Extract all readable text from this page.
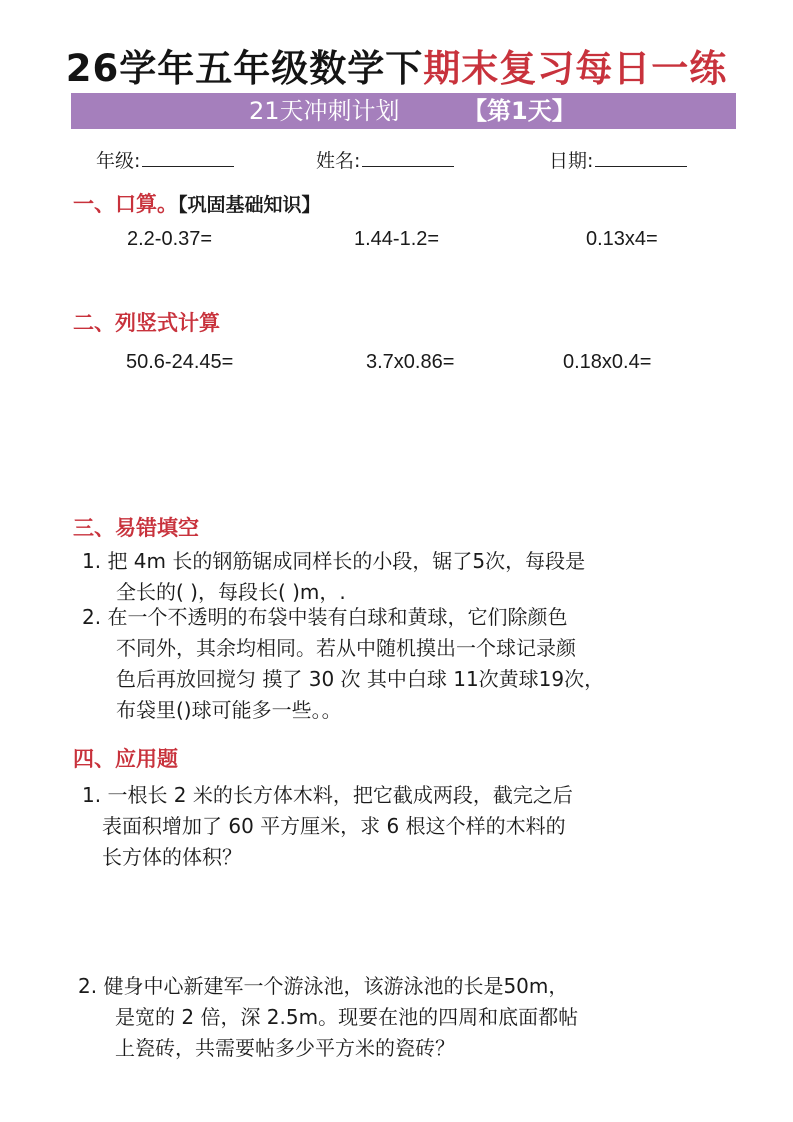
26学年五年级数学下期末复习每日一练
21天冲刺计划	【第1天】
年级:	姓名:	日期:
一、口算。【巩固基础知识】
2.2-0.37=	1.44-1.2=	0.13x4=
二、列竖式计算
50.6-24.45=	3.7x0.86=	0.18x0.4=
三、易错填空
1. 把 4m 长的钢筋锯成同样长的小段，锯了5次，每段是
全长的( )，每段长( )m，.
2. 在一个不透明的布袋中装有白球和黄球，它们除颜色
不同外，其余均相同。若从中随机摸出一个球记录颜
色后再放回搅匀 摸了 30 次 其中白球 11次黄球19次，
布袋里()球可能多一些。。
四、应用题
1. 一根长 2 米的长方体木料，把它截成两段，截完之后
表面积增加了 60 平方厘米，求 6 根这个样的木料的
长方体的体积？
2. 健身中心新建军一个游泳池，该游泳池的长是50m，
是宽的 2 倍，深 2.5m。现要在池的四周和底面都帖
上瓷砖，共需要帖多少平方米的瓷砖？
